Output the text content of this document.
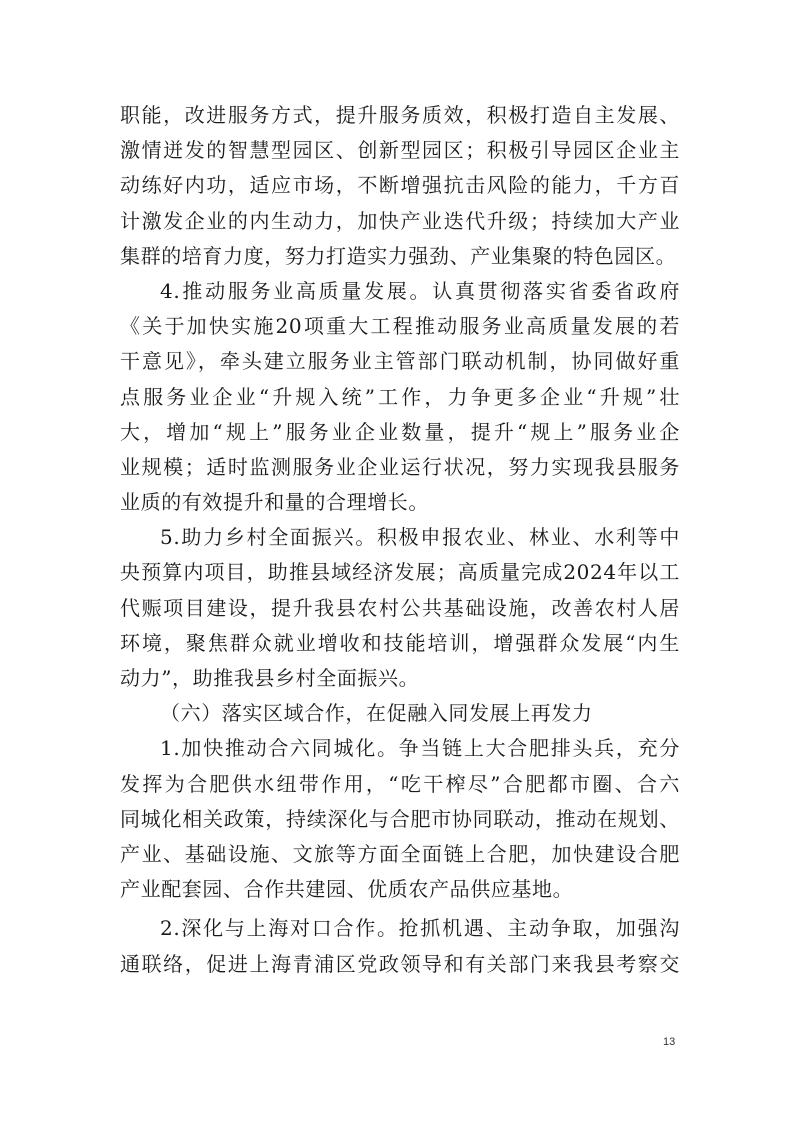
职能，改进服务方式，提升服务质效，积极打造自主发展、
激情迸发的智慧型园区、创新型园区；积极引导园区企业主
动练好内功，适应市场，不断增强抗击风险的能力，千方百
计激发企业的内生动力，加快产业迭代升级；持续加大产业
集群的培育力度，努力打造实力强劲、产业集聚的特色园区。
4.推动服务业高质量发展。认真贯彻落实省委省政府
《关于加快实施20项重大工程推动服务业高质量发展的若
干意见》，牵头建立服务业主管部门联动机制，协同做好重
点服务业企业“升规入统”工作，力争更多企业“升规”壮
大，增加“规上”服务业企业数量，提升“规上”服务业企
业规模；适时监测服务业企业运行状况，努力实现我县服务
业质的有效提升和量的合理增长。
5.助力乡村全面振兴。积极申报农业、林业、水利等中
央预算内项目，助推县域经济发展；高质量完成2024年以工
代赈项目建设，提升我县农村公共基础设施，改善农村人居
环境，聚焦群众就业增收和技能培训，增强群众发展“内生
动力”，助推我县乡村全面振兴。
（六）落实区域合作，在促融入同发展上再发力
1.加快推动合六同城化。争当链上大合肥排头兵，充分
发挥为合肥供水纽带作用，“吃干榨尽”合肥都市圈、合六
同城化相关政策，持续深化与合肥市协同联动，推动在规划、
产业、基础设施、文旅等方面全面链上合肥，加快建设合肥
产业配套园、合作共建园、优质农产品供应基地。
2.深化与上海对口合作。抢抓机遇、主动争取，加强沟
通联络，促进上海青浦区党政领导和有关部门来我县考察交
13
